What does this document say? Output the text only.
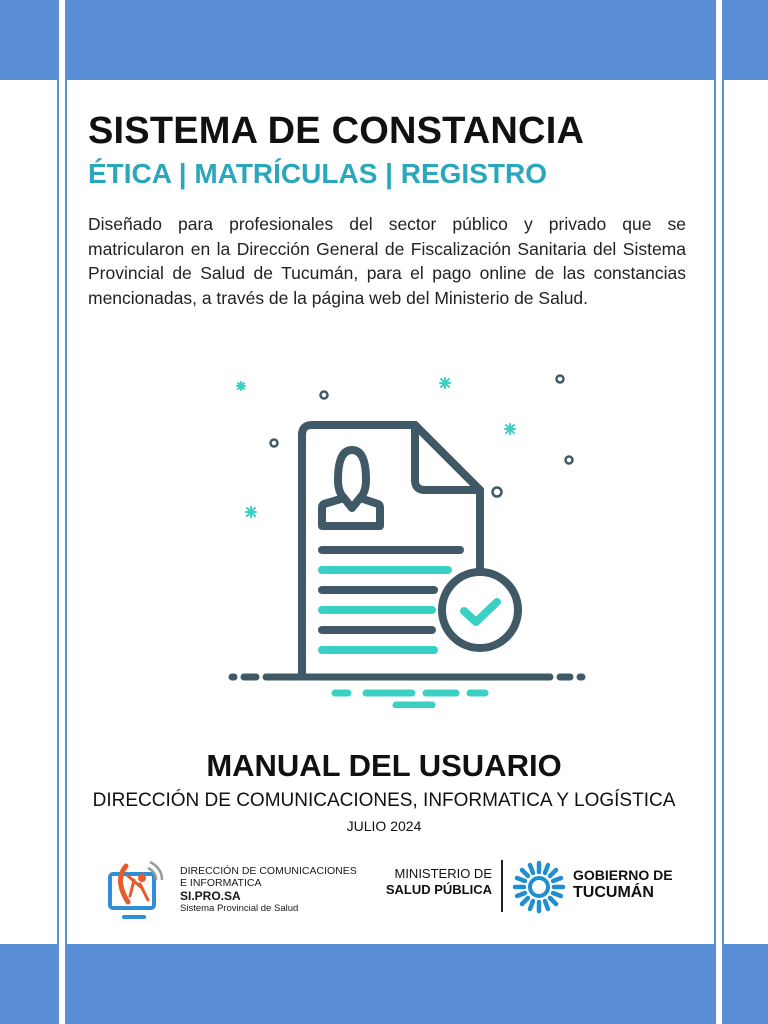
SISTEMA DE CONSTANCIA
ÉTICA | MATRÍCULAS | REGISTRO

Diseñado para profesionales del sector público y privado que se matricularon en la Dirección General de Fiscalización Sanitaria del Sistema Provincial de Salud de Tucumán, para el pago online de las constancias mencionadas, a través de la página web del Ministerio de Salud.

MANUAL DEL USUARIO
DIRECCIÓN DE COMUNICACIONES, INFORMATICA Y LOGÍSTICA
JULIO 2024
DIRECCIÓN DE COMUNICACIONES
E INFORMATICA
SI.PRO.SA
Sistema Provincial de Salud
MINISTERIO DE
SALUD PÚBLICA
GOBIERNO DE
TUCUMÁN
